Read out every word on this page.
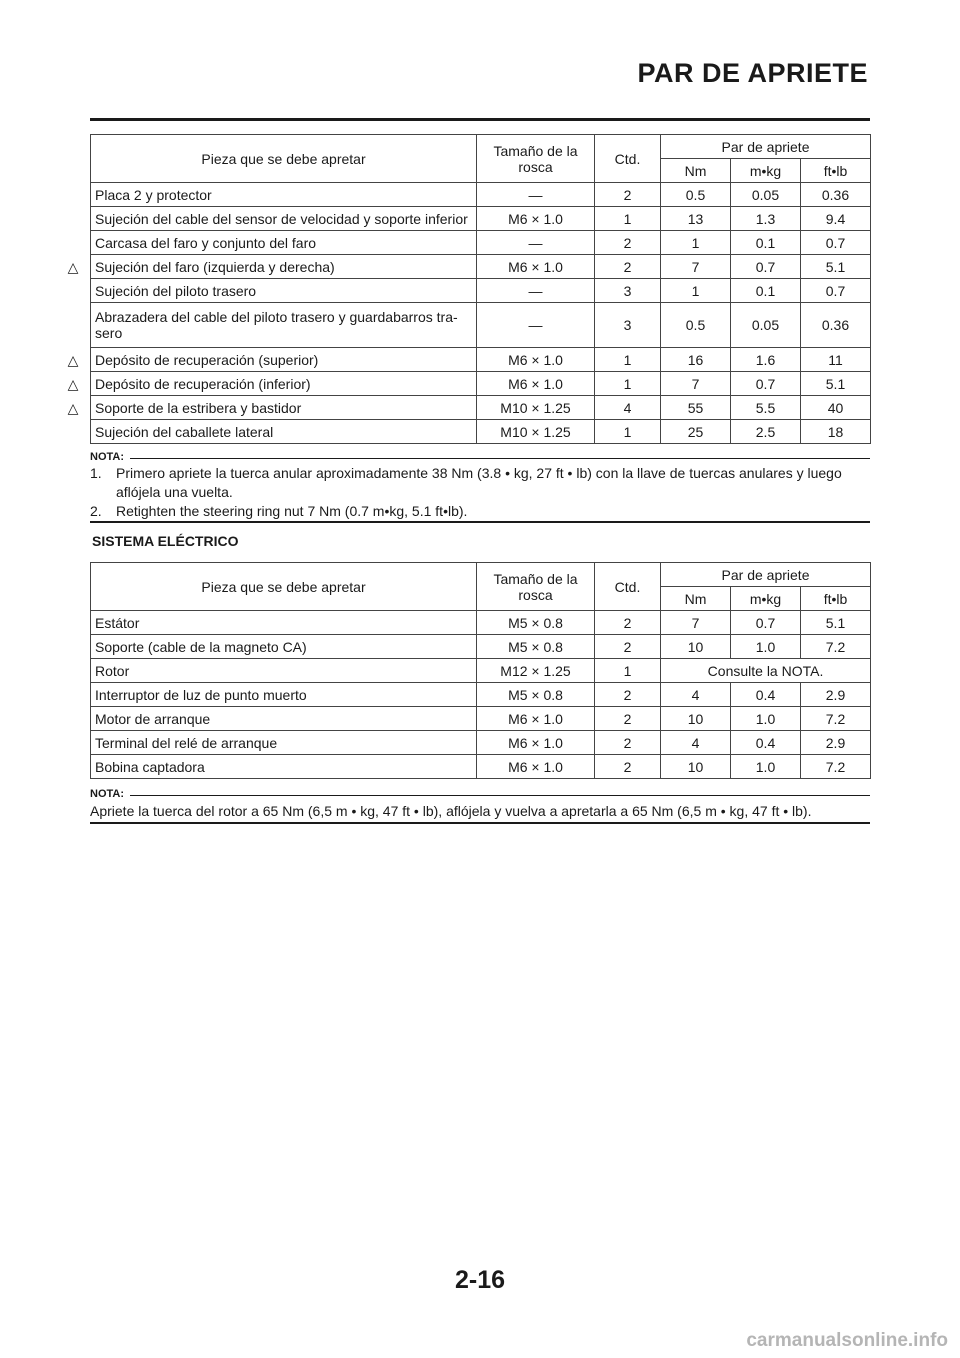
PAR DE APRIETE
Pieza que se debe apretar	Tamaño de la rosca	Ctd.	Par de apriete		
			Nm	m•kg	ft•lb
Placa 2 y protector	—	2	0.5	0.05	0.36
Sujeción del cable del sensor de velocidad y soporte inferior	M6 × 1.0	1	13	1.3	9.4
Carcasa del faro y conjunto del faro	—	2	1	0.1	0.7

△ Sujeción del faro (izquierda y derecha)	M6 × 1.0	2	7	0.7	5.1
Sujeción del piloto trasero	—	3	1	0.1	0.7
Abrazadera del cable del piloto trasero y guardabarros tra- sero	—	3	0.5	0.05	0.36

△ Depósito de recuperación (superior)	M6 × 1.0	1	16	1.6	11

△ Depósito de recuperación (inferior)	M6 × 1.0	1	7	0.7	5.1

△ Soporte de la estribera y bastidor	M10 × 1.25	4	55	5.5	40
Sujeción del caballete lateral	M10 × 1.25	1	25	2.5	18
NOTA:
1. Primero apriete la tuerca anular aproximadamente 38 Nm (3.8 • kg, 27 ft • lb) con la llave de tuercas anulares y luego aflójela una vuelta.
2. Retighten the steering ring nut 7 Nm (0.7 m•kg, 5.1 ft•lb).
SISTEMA ELÉCTRICO
Pieza que se debe apretar	Tamaño de la rosca	Ctd.	Par de apriete		
			Nm	m•kg	ft•lb
Estátor	M5 × 0.8	2	7	0.7	5.1
Soporte (cable de la magneto CA)	M5 × 0.8	2	10	1.0	7.2
Rotor	M12 × 1.25	1	Consulte la NOTA.		
Interruptor de luz de punto muerto	M5 × 0.8	2	4	0.4	2.9
Motor de arranque	M6 × 1.0	2	10	1.0	7.2
Terminal del relé de arranque	M6 × 1.0	2	4	0.4	2.9
Bobina captadora	M6 × 1.0	2	10	1.0	7.2
NOTA:
Apriete la tuerca del rotor a 65 Nm (6,5 m • kg, 47 ft • lb), aflójela y vuelva a apretarla a 65 Nm (6,5 m • kg, 47 ft • lb).
2-16
carmanualsonline.info
